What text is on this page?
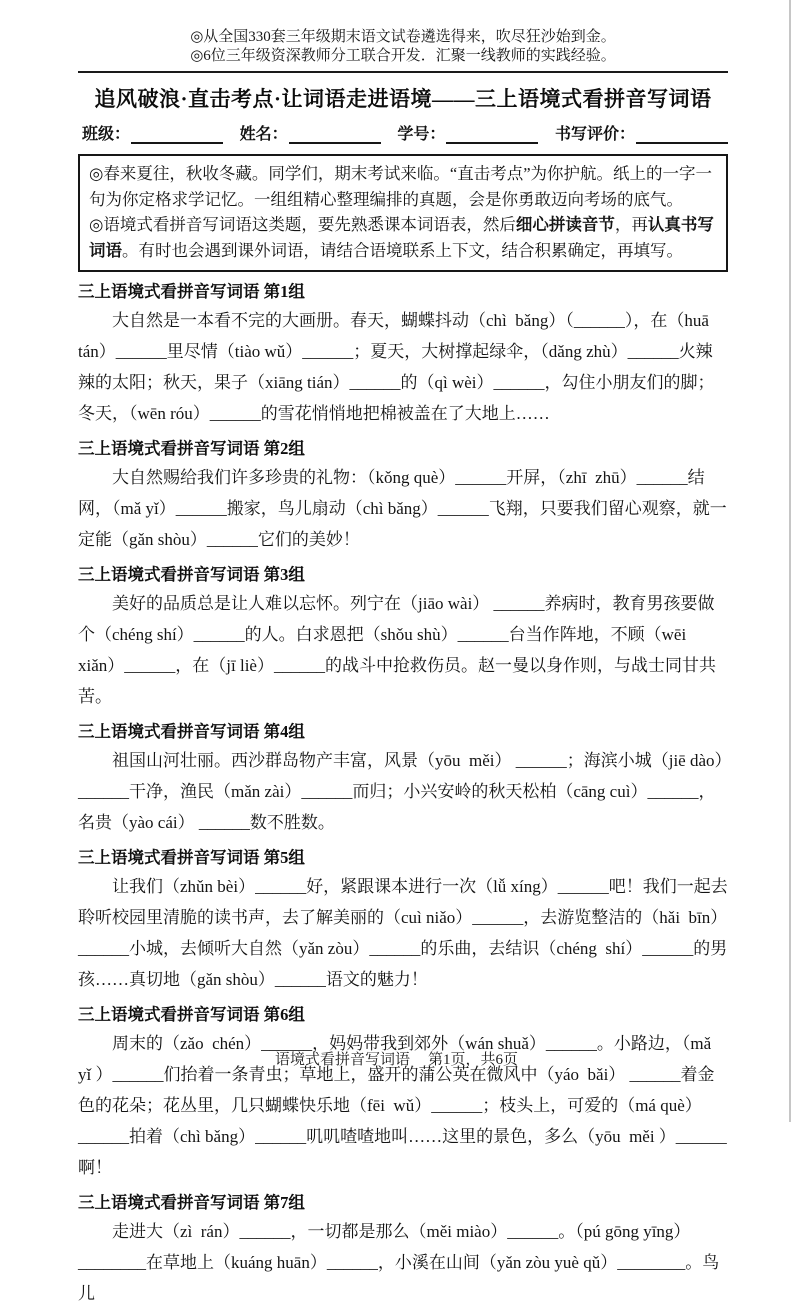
◎从全国330套三年级期末语文试卷遴选得来，吹尽狂沙始到金。
◎6位三年级资深教师分工联合开发．汇聚一线教师的实践经验。
追风破浪·直击考点·让词语走进语境——三上语境式看拼音写词语
班级：	姓名：	学号：	书写评价：

◎春来夏往，秋收冬藏。同学们，期末考试来临。“直击考点”为你护航。纸上的一字一句为你定格求学记忆。一组组精心整理编排的真题，会是你勇敢迈向考场的底气。

◎语境式看拼音写词语这类题，要先熟悉课本词语表，然后细心拼读音节，再认真书写词语。有时也会遇到课外词语，请结合语境联系上下文，结合积累确定，再填写。

三上语境式看拼音写词语 第1组

大自然是一本看不完的大画册。春天，蝴蝶抖动（chì  bǎng）（______），在（huā tán）______里尽情（tiào wǔ）______；夏天，大树撑起绿伞，（dǎng zhù）______火辣辣的太阳；秋天，果子（xiāng tián）______的（qì wèi）______，勾住小朋友们的脚；冬天，（wēn róu）______的雪花悄悄地把棉被盖在了大地上……

三上语境式看拼音写词语 第2组

大自然赐给我们许多珍贵的礼物：（kǒng què）______开屏，（zhī  zhū）______结网，（mǎ yǐ）______搬家，鸟儿扇动（chì bǎng）______飞翔，只要我们留心观察，就一定能（gǎn shòu）______它们的美妙！

三上语境式看拼音写词语 第3组

美好的品质总是让人难以忘怀。列宁在（jiāo wài） ______养病时，教育男孩要做个（chéng shí）______的人。白求恩把（shǒu shù）______台当作阵地，不顾（wēi xiǎn）______，在（jī liè）______的战斗中抢救伤员。赵一曼以身作则，与战士同甘共苦。

三上语境式看拼音写词语 第4组

祖国山河壮丽。西沙群岛物产丰富，风景（yōu  měi） ______；海滨小城（jiē dào）______干净，渔民（mǎn zài）______而归；小兴安岭的秋天松柏（cāng cuì）______，名贵（yào cái） ______数不胜数。

三上语境式看拼音写词语 第5组

让我们（zhǔn bèi）______好，紧跟课本进行一次（lǚ xíng）______吧！我们一起去聆听校园里清脆的读书声，去了解美丽的（cuì niǎo）______，去游览整洁的（hǎi  bīn）______小城，去倾听大自然（yǎn zòu）______的乐曲，去结识（chéng  shí）______的男孩……真切地（gǎn shòu）______语文的魅力！

三上语境式看拼音写词语 第6组

周末的（zǎo  chén）______，妈妈带我到郊外（wán shuǎ）______。小路边，（mǎ  yǐ ）______们抬着一条青虫；草地上，盛开的蒲公英在微风中（yáo  bǎi） ______着金色的花朵；花丛里，几只蝴蝶快乐地（fēi  wǔ）______；枝头上，可爱的（má què） ______拍着（chì bǎng）______叽叽喳喳地叫……这里的景色，多么（yōu  měi ）______啊！

三上语境式看拼音写词语 第7组

走进大（zì  rán）______，一切都是那么（měi miào）______。（pú gōng yīng）________在草地上（kuáng huān）______，小溪在山间（yǎn zòu yuè qǔ）________。鸟儿

语境式看拼音写词语 第1页，共6页
